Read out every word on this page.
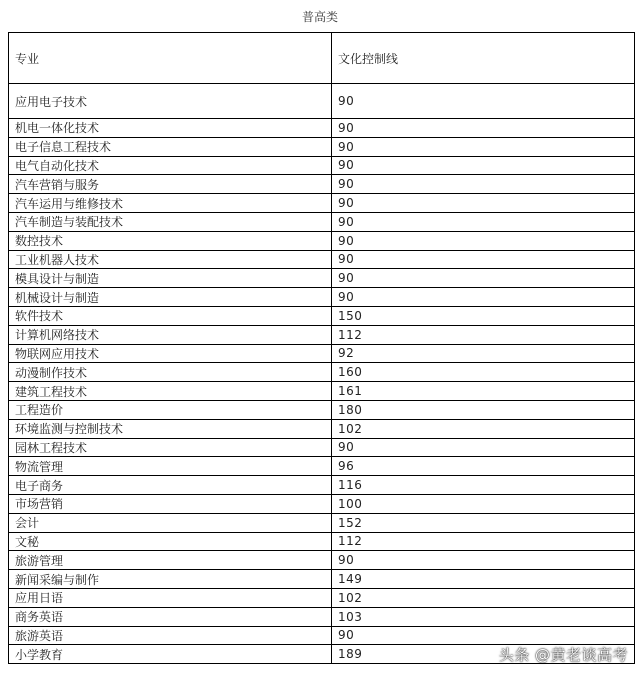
普高类
专业	文化控制线
应用电子技术	90
机电一体化技术	90
电子信息工程技术	90
电气自动化技术	90
汽车营销与服务	90
汽车运用与维修技术	90
汽车制造与装配技术	90
数控技术	90
工业机器人技术	90
模具设计与制造	90
机械设计与制造	90
软件技术	150
计算机网络技术	112
物联网应用技术	92
动漫制作技术	160
建筑工程技术	161
工程造价	180
环境监测与控制技术	102
园林工程技术	90
物流管理	96
电子商务	116
市场营销	100
会计	152
文秘	112
旅游管理	90
新闻采编与制作	149
应用日语	102
商务英语	103
旅游英语	90
小学教育	189	头条 @黄老谈高考
